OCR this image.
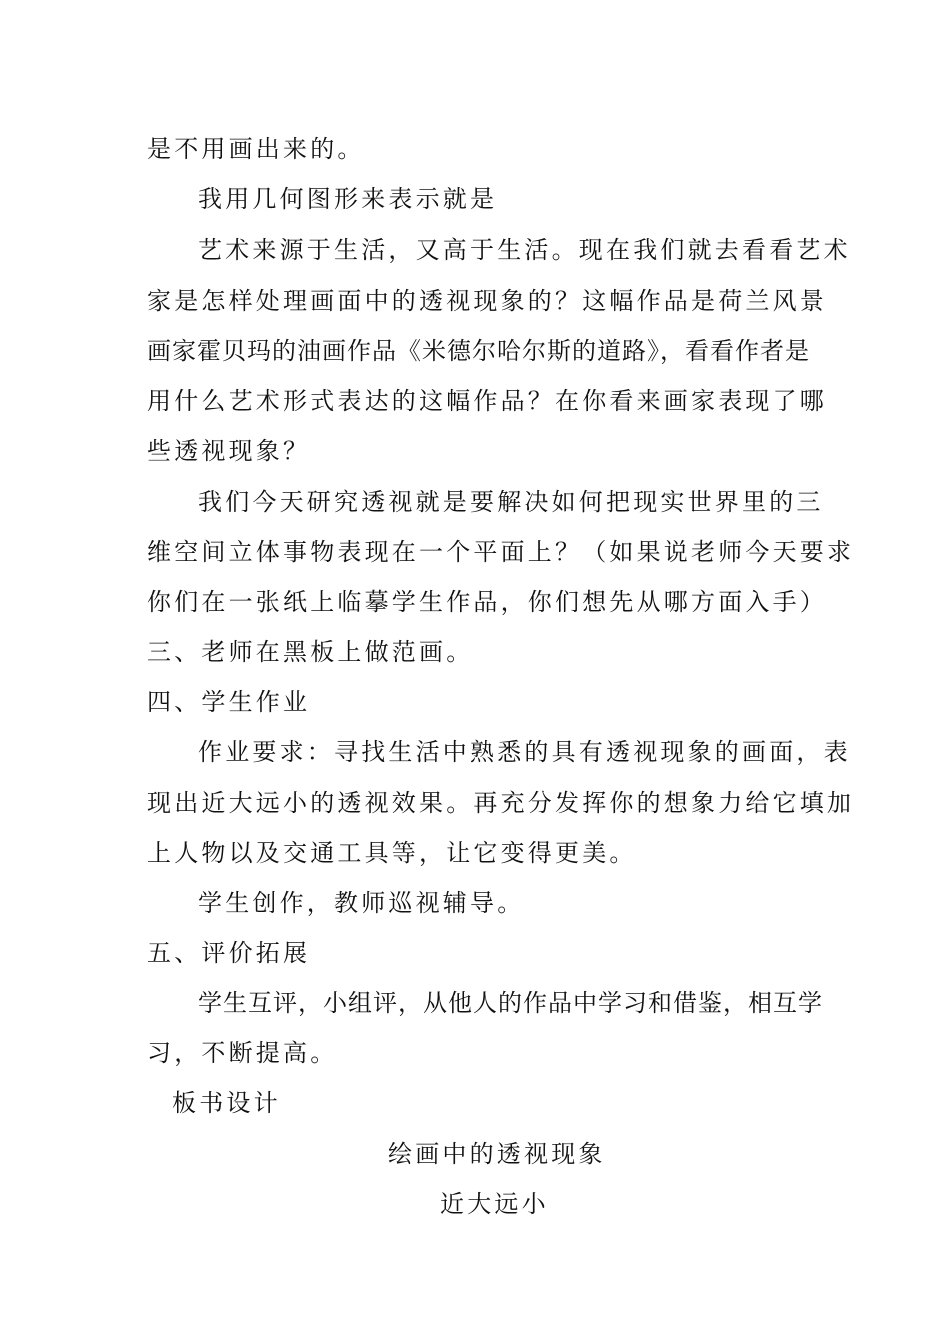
是不用画出来的。
我用几何图形来表示就是
艺术来源于生活，又高于生活。现在我们就去看看艺术
家是怎样处理画面中的透视现象的？这幅作品是荷兰风景
画家霍贝玛的油画作品《米德尔哈尔斯的道路》，看看作者是
用什么艺术形式表达的这幅作品？在你看来画家表现了哪
些透视现象？
我们今天研究透视就是要解决如何把现实世界里的三
维空间立体事物表现在一个平面上？（如果说老师今天要求
你们在一张纸上临摹学生作品，你们想先从哪方面入手）
三、老师在黑板上做范画。
四、学生作业
作业要求：寻找生活中熟悉的具有透视现象的画面，表
现出近大远小的透视效果。再充分发挥你的想象力给它填加
上人物以及交通工具等，让它变得更美。
学生创作，教师巡视辅导。
五、评价拓展
学生互评，小组评，从他人的作品中学习和借鉴，相互学
习，不断提高。
板书设计
绘画中的透视现象
近大远小
